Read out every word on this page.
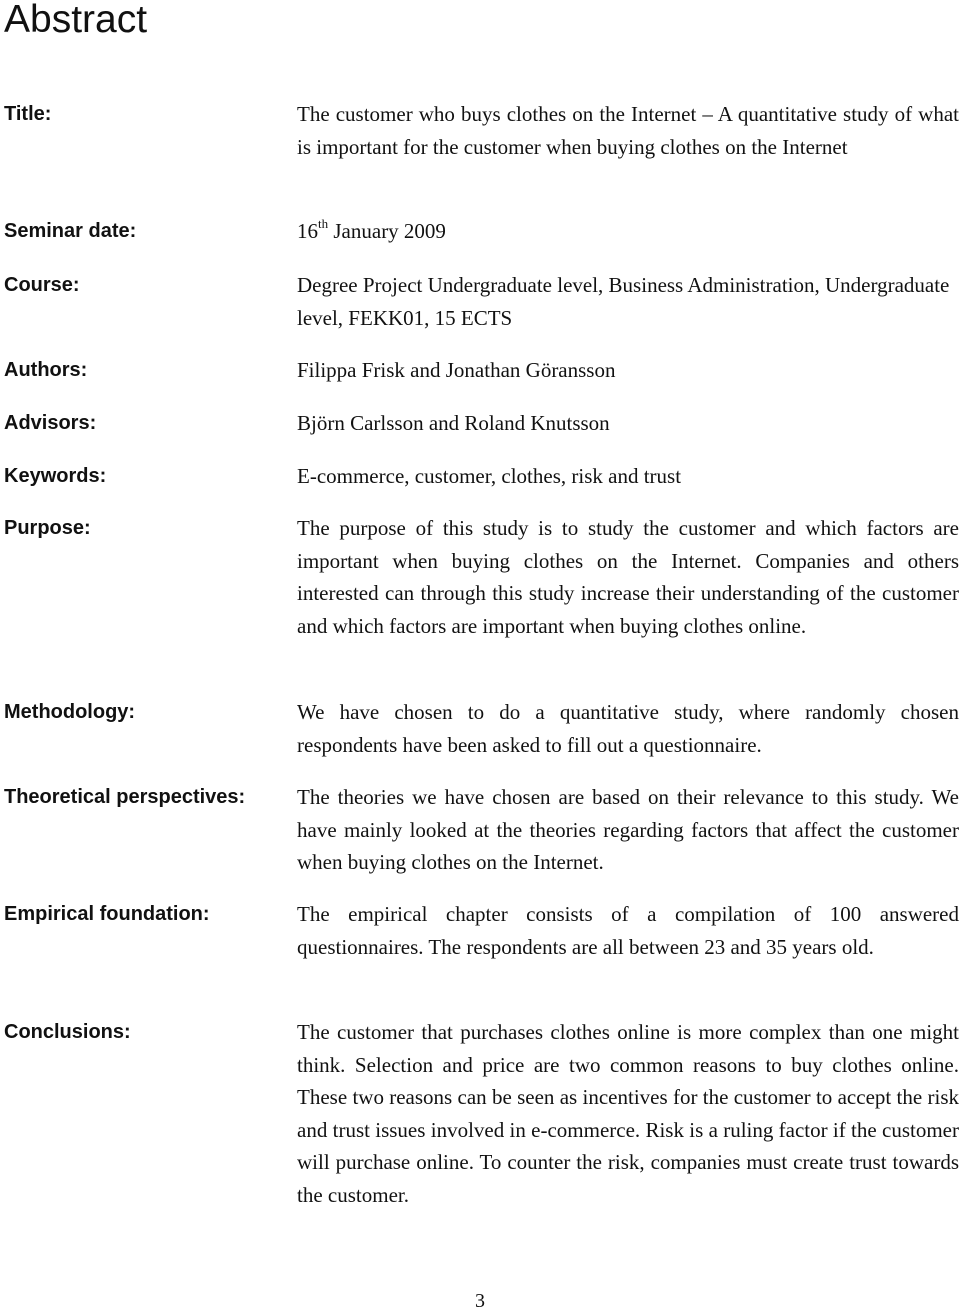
Abstract
Title:	The customer who buys clothes on the Internet – A quantitative study of what is important for the customer when buying clothes on the Internet
Seminar date:	16th January 2009
Course:	Degree Project Undergraduate level, Business Administration, Undergraduate level, FEKK01, 15 ECTS
Authors:	Filippa Frisk and Jonathan Göransson
Advisors:	Björn Carlsson and Roland Knutsson
Keywords:	E-commerce, customer, clothes, risk and trust
Purpose:	The purpose of this study is to study the customer and which factors are important when buying clothes on the Internet. Companies and others interested can through this study increase their understanding of the customer and which factors are important when buying clothes online.
Methodology:	We have chosen to do a quantitative study, where randomly chosen respondents have been asked to fill out a questionnaire.
Theoretical perspectives: The theories we have chosen are based on their relevance to this study. We have mainly looked at the theories regarding factors that affect the customer when buying clothes on the Internet.
Empirical foundation:	The empirical chapter consists of a compilation of 100 answered questionnaires. The respondents are all between 23 and 35 years old.
Conclusions:	The customer that purchases clothes online is more complex than one might think. Selection and price are two common reasons to buy clothes online. These two reasons can be seen as incentives for the customer to accept the risk and trust issues involved in e-commerce. Risk is a ruling factor if the customer will purchase online. To counter the risk, companies must create trust towards the customer.
3
